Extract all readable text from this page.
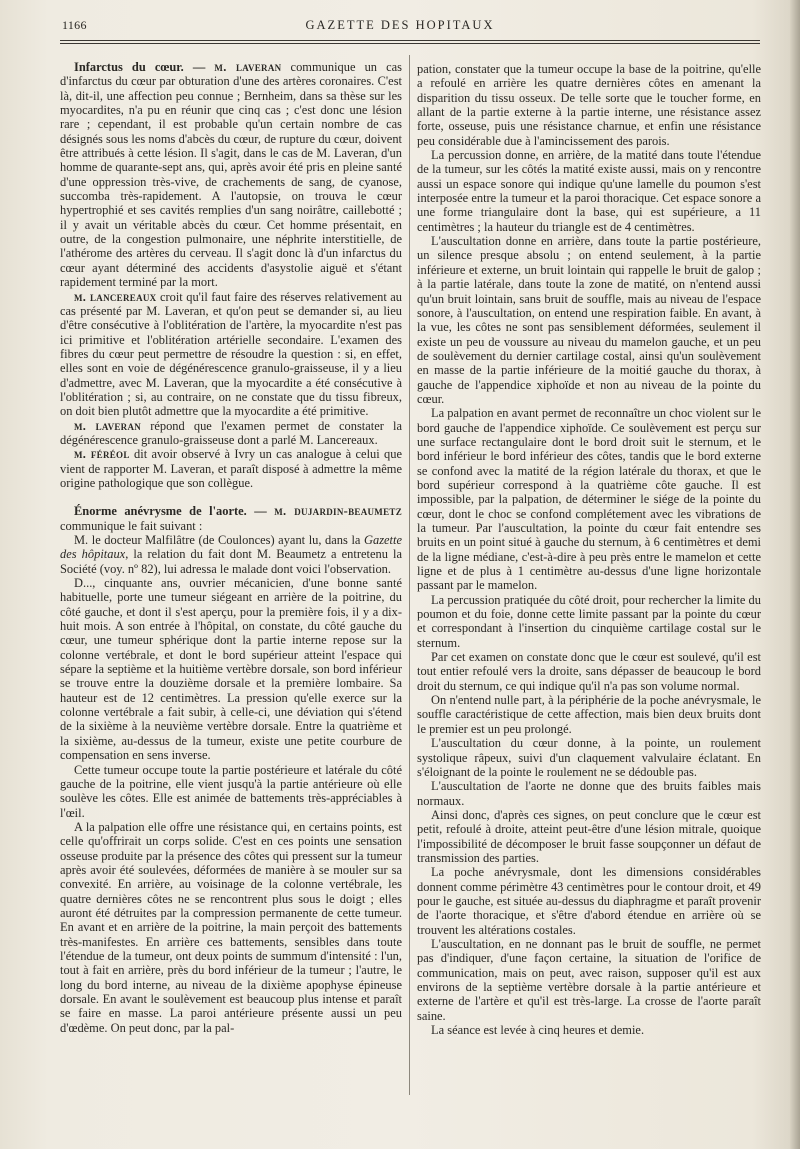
1166	GAZETTE DES HOPITAUX

Infarctus du cœur. — m. laveran communique un cas d'infarctus du cœur par obturation d'une des artères coronaires. C'est là, dit-il, une affection peu connue ; Bernheim, dans sa thèse sur les myocardites, n'a pu en réunir que cinq cas ; c'est donc une lésion rare ; cependant, il est probable qu'un certain nombre de cas désignés sous les noms d'abcès du cœur, de rupture du cœur, doivent être attribués à cette lésion. Il s'agit, dans le cas de M. Laveran, d'un homme de quarante-sept ans, qui, après avoir été pris en pleine santé d'une oppression très-vive, de crachements de sang, de cyanose, succomba très-rapidement. A l'autopsie, on trouva le cœur hypertrophié et ses cavités remplies d'un sang noirâtre, caillebotté ; il y avait un véritable abcès du cœur. Cet homme présentait, en outre, de la congestion pulmonaire, une néphrite interstitielle, de l'athérome des artères du cerveau. Il s'agit donc là d'un infarctus du cœur ayant déterminé des accidents d'asystolie aiguë et s'étant rapidement terminé par la mort.

m. lancereaux croit qu'il faut faire des réserves relativement au cas présenté par M. Laveran, et qu'on peut se demander si, au lieu d'être consécutive à l'oblitération de l'artère, la myocardite n'est pas ici primitive et l'oblitération artérielle secondaire. L'examen des fibres du cœur peut permettre de résoudre la question : si, en effet, elles sont en voie de dégénérescence granulo-graisseuse, il y a lieu d'admettre, avec M. Laveran, que la myocardite a été consécutive à l'oblitération ; si, au contraire, on ne constate que du tissu fibreux, on doit bien plutôt admettre que la myocardite a été primitive.

m. laveran répond que l'examen permet de constater la dégénérescence granulo-graisseuse dont a parlé M. Lancereaux.

m. féréol dit avoir observé à Ivry un cas analogue à celui que vient de rapporter M. Laveran, et paraît disposé à admettre la même origine pathologique que son collègue.

Énorme anévrysme de l'aorte. — m. dujardin-beaumetz communique le fait suivant :

M. le docteur Malfilâtre (de Coulonces) ayant lu, dans la Gazette des hôpitaux, la relation du fait dont M. Beaumetz a entretenu la Société (voy. nº 82), lui adressa le malade dont voici l'observation.

D..., cinquante ans, ouvrier mécanicien, d'une bonne santé habituelle, porte une tumeur siégeant en arrière de la poitrine, du côté gauche, et dont il s'est aperçu, pour la première fois, il y a dix-huit mois. A son entrée à l'hôpital, on constate, du côté gauche du cœur, une tumeur sphérique dont la partie interne repose sur la colonne vertébrale, et dont le bord supérieur atteint l'espace qui sépare la septième et la huitième vertèbre dorsale, son bord inférieur se trouve entre la douzième dorsale et la première lombaire. Sa hauteur est de 12 centimètres. La pression qu'elle exerce sur la colonne vertébrale a fait subir, à celle-ci, une déviation qui s'étend de la sixième à la neuvième vertèbre dorsale. Entre la quatrième et la sixième, au-dessus de la tumeur, existe une petite courbure de compensation en sens inverse.

Cette tumeur occupe toute la partie postérieure et latérale du côté gauche de la poitrine, elle vient jusqu'à la partie antérieure où elle soulève les côtes. Elle est animée de battements très-appréciables à l'œil.

A la palpation elle offre une résistance qui, en certains points, est celle qu'offrirait un corps solide. C'est en ces points une sensation osseuse produite par la présence des côtes qui pressent sur la tumeur après avoir été soulevées, déformées de manière à se mouler sur sa convexité. En arrière, au voisinage de la colonne vertébrale, les quatre dernières côtes ne se rencontrent plus sous le doigt ; elles auront été détruites par la compression permanente de cette tumeur. En avant et en arrière de la poitrine, la main perçoit des battements très-manifestes. En arrière ces battements, sensibles dans toute l'étendue de la tumeur, ont deux points de summum d'intensité : l'un, tout à fait en arrière, près du bord inférieur de la tumeur ; l'autre, le long du bord interne, au niveau de la dixième apophyse épineuse dorsale. En avant le soulèvement est beaucoup plus intense et paraît se faire en masse. La paroi antérieure présente aussi un peu d'œdème. On peut donc, par la pal-

pation, constater que la tumeur occupe la base de la poitrine, qu'elle a refoulé en arrière les quatre dernières côtes en amenant la disparition du tissu osseux. De telle sorte que le toucher forme, en allant de la partie externe à la partie interne, une résistance assez forte, osseuse, puis une résistance charnue, et enfin une résistance peu considérable due à l'amincissement des parois.

La percussion donne, en arrière, de la matité dans toute l'étendue de la tumeur, sur les côtés la matité existe aussi, mais on y rencontre aussi un espace sonore qui indique qu'une lamelle du poumon s'est interposée entre la tumeur et la paroi thoracique. Cet espace sonore a une forme triangulaire dont la base, qui est supérieure, a 11 centimètres ; la hauteur du triangle est de 4 centimètres.

L'auscultation donne en arrière, dans toute la partie postérieure, un silence presque absolu ; on entend seulement, à la partie inférieure et externe, un bruit lointain qui rappelle le bruit de galop ; à la partie latérale, dans toute la zone de matité, on n'entend aussi qu'un bruit lointain, sans bruit de souffle, mais au niveau de l'espace sonore, à l'auscultation, on entend une respiration faible. En avant, à la vue, les côtes ne sont pas sensiblement déformées, seulement il existe un peu de voussure au niveau du mamelon gauche, et un peu de soulèvement du dernier cartilage costal, ainsi qu'un soulèvement en masse de la partie inférieure de la moitié gauche du thorax, à gauche de l'appendice xiphoïde et non au niveau de la pointe du cœur.

La palpation en avant permet de reconnaître un choc violent sur le bord gauche de l'appendice xiphoïde. Ce soulèvement est perçu sur une surface rectangulaire dont le bord droit suit le sternum, et le bord inférieur le bord inférieur des côtes, tandis que le bord externe se confond avec la matité de la région latérale du thorax, et que le bord supérieur correspond à la quatrième côte gauche. Il est impossible, par la palpation, de déterminer le siége de la pointe du cœur, dont le choc se confond complétement avec les vibrations de la tumeur. Par l'auscultation, la pointe du cœur fait entendre ses bruits en un point situé à gauche du sternum, à 6 centimètres et demi de la ligne médiane, c'est-à-dire à peu près entre le mamelon et cette ligne et de plus à 1 centimètre au-dessus d'une ligne horizontale passant par le mamelon.

La percussion pratiquée du côté droit, pour rechercher la limite du poumon et du foie, donne cette limite passant par la pointe du cœur et correspondant à l'insertion du cinquième cartilage costal sur le sternum.

Par cet examen on constate donc que le cœur est soulevé, qu'il est tout entier refoulé vers la droite, sans dépasser de beaucoup le bord droit du sternum, ce qui indique qu'il n'a pas son volume normal.

On n'entend nulle part, à la périphérie de la poche anévrysmale, le souffle caractéristique de cette affection, mais bien deux bruits dont le premier est un peu prolongé.

L'auscultation du cœur donne, à la pointe, un roulement systolique râpeux, suivi d'un claquement valvulaire éclatant. En s'éloignant de la pointe le roulement ne se dédouble pas.

L'auscultation de l'aorte ne donne que des bruits faibles mais normaux.

Ainsi donc, d'après ces signes, on peut conclure que le cœur est petit, refoulé à droite, atteint peut-être d'une lésion mitrale, quoique l'impossibilité de décomposer le bruit fasse soupçonner un défaut de transmission des parties.

La poche anévrysmale, dont les dimensions considérables donnent comme périmètre 43 centimètres pour le contour droit, et 49 pour le gauche, est située au-dessus du diaphragme et paraît provenir de l'aorte thoracique, et s'être d'abord étendue en arrière où se trouvent les altérations costales.

L'auscultation, en ne donnant pas le bruit de souffle, ne permet pas d'indiquer, d'une façon certaine, la situation de l'orifice de communication, mais on peut, avec raison, supposer qu'il est aux environs de la septième vertèbre dorsale à la partie antérieure et externe de l'artère et qu'il est très-large. La crosse de l'aorte paraît saine.

La séance est levée à cinq heures et demie.
